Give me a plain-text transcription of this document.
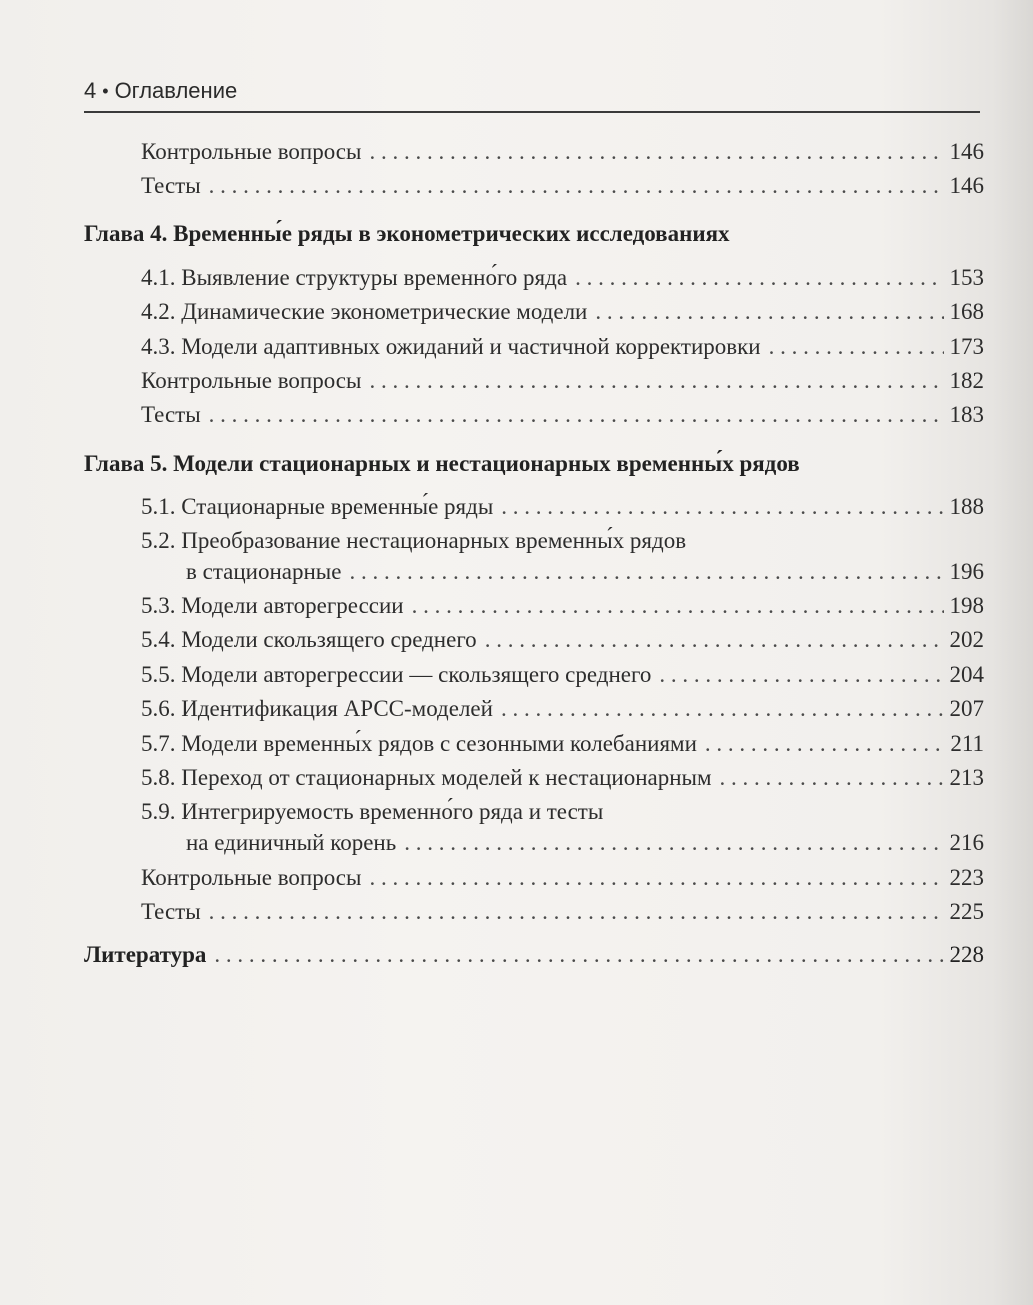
4 • Оглавление
Контрольные вопросы . . .	146
Тесты . . .	146
Глава 4. Временны́е ряды в эконометрических исследованиях
4.1. Выявление структуры временно́го ряда . . .	153
4.2. Динамические эконометрические модели . . .	168
4.3. Модели адаптивных ожиданий и частичной корректировки . . .	173
Контрольные вопросы . . .	182
Тесты . . .	183
Глава 5. Модели стационарных и нестационарных временны́х рядов
5.1. Стационарные временны́е ряды . . .	188
5.2. Преобразование нестационарных временны́х рядов
в стационарные . . .	196
5.3. Модели авторегрессии . . .	198
5.4. Модели скользящего среднего . . .	202
5.5. Модели авторегрессии — скользящего среднего . . .	204
5.6. Идентификация АРСС-моделей . . .	207
5.7. Модели временны́х рядов с сезонными колебаниями . . .	211
5.8. Переход от стационарных моделей к нестационарным . . .	213
5.9. Интегрируемость временно́го ряда и тесты
на единичный корень . . .	216
Контрольные вопросы . . .	223
Тесты . . .	225
Литература . . .	228
